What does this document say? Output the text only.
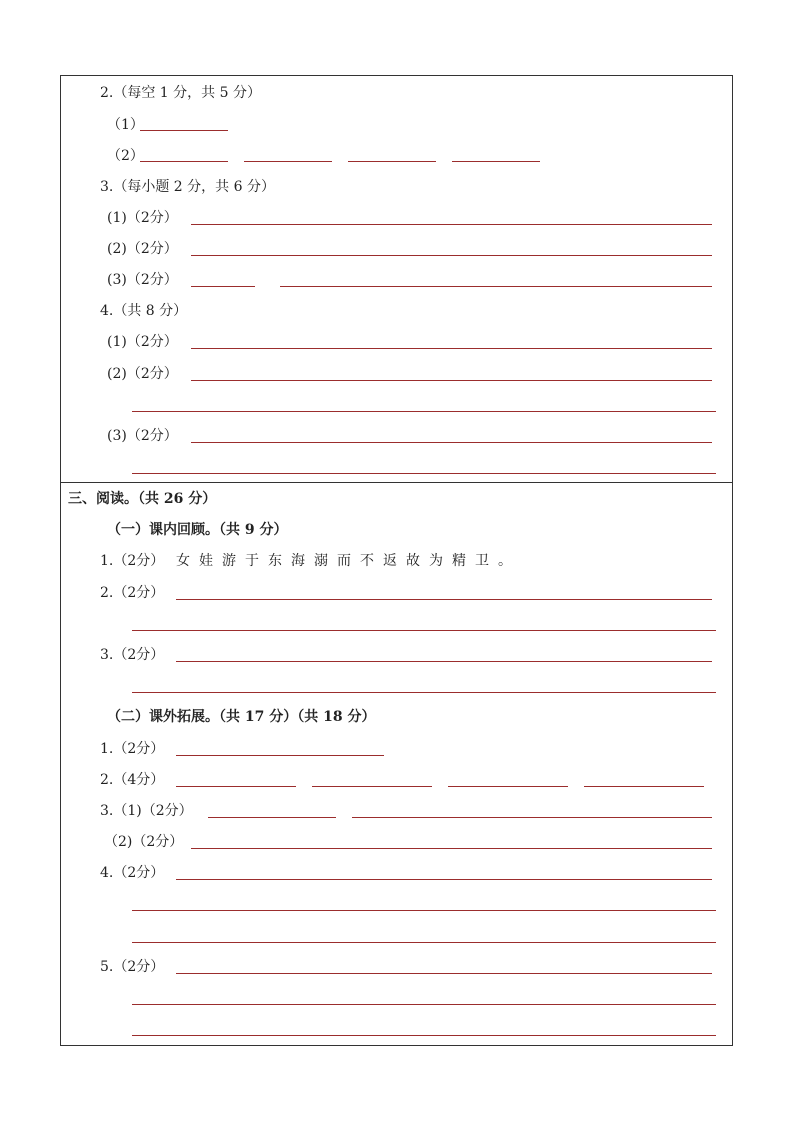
2.（每空 1 分，共 5 分）
（1）
（2）
3.（每小题 2 分，共 6 分）
(1)（2分）
(2)（2分）
(3)（2分）
4.（共 8 分）
(1)（2分）
(2)（2分）
(3)（2分）
三、阅读。（共 26 分）
（一）课内回顾。（共 9 分）
1.（2分） 女娃游于东海溺而不返故为精卫。
2.（2分）
3.（2分）
（二）课外拓展。（共 17 分）（共 18 分）
1.（2分）
2.（4分）
3.（1)（2分）
（2)（2分）
4.（2分）
5.（2分）
